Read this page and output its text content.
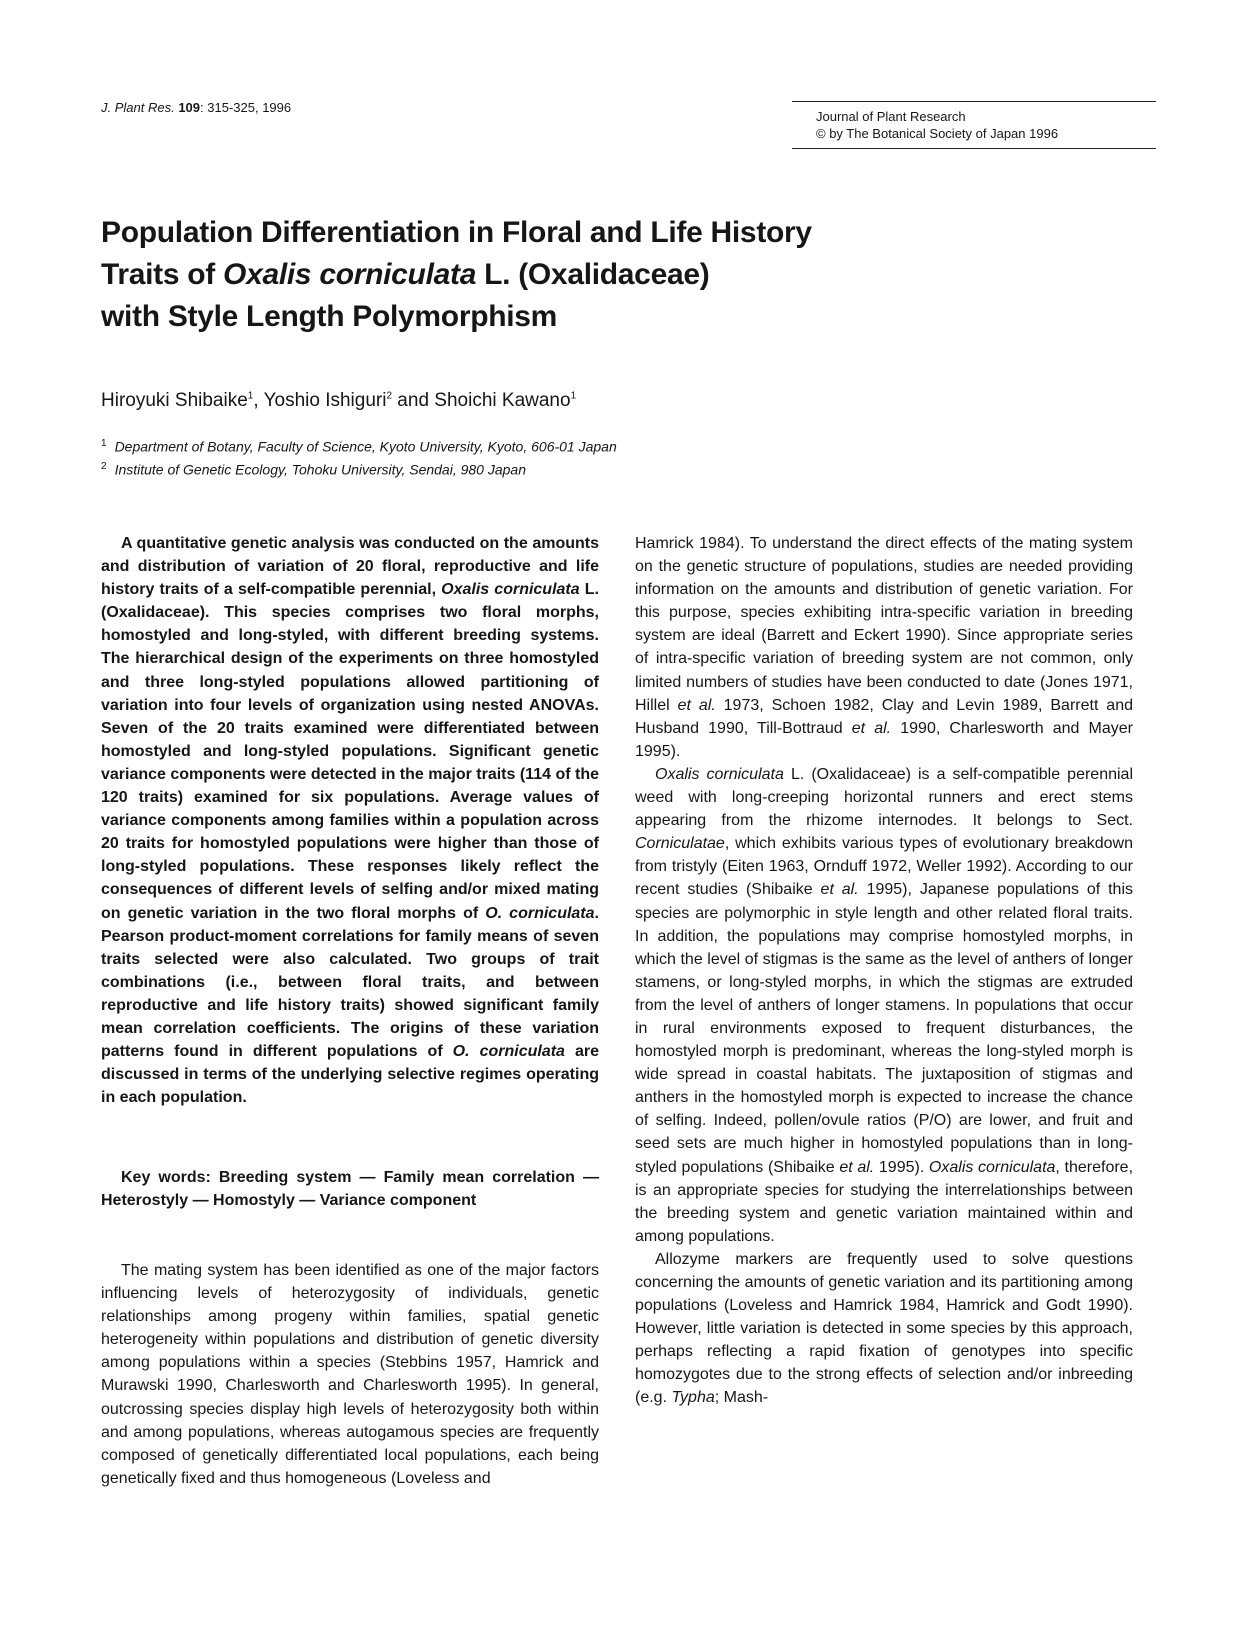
J. Plant Res. 109: 315-325, 1996
Journal of Plant Research
© by The Botanical Society of Japan 1996
Population Differentiation in Floral and Life History
Traits of Oxalis corniculata L. (Oxalidaceae)
with Style Length Polymorphism
Hiroyuki Shibaike$^1$, Yoshio Ishiguri$^2$ and Shoichi Kawano$^1$
$^1$ Department of Botany, Faculty of Science, Kyoto University, Kyoto, 606-01 Japan
$^2$ Institute of Genetic Ecology, Tohoku University, Sendai, 980 Japan
A quantitative genetic analysis was conducted on the amounts and distribution of variation of 20 floral, reproductive and life history traits of a self-compatible perennial, Oxalis corniculata L. (Oxalidaceae). This species comprises two floral morphs, homostyled and long-styled, with different breeding systems. The hierarchical design of the experiments on three homostyled and three long-styled populations allowed partitioning of variation into four levels of organization using nested ANOVAs. Seven of the 20 traits examined were differentiated between homostyled and long-styled populations. Significant genetic variance components were detected in the major traits (114 of the 120 traits) examined for six populations. Average values of variance components among families within a population across 20 traits for homostyled populations were higher than those of long-styled populations. These responses likely reflect the consequences of different levels of selfing and/or mixed mating on genetic variation in the two floral morphs of O. corniculata. Pearson product-moment correlations for family means of seven traits selected were also calculated. Two groups of trait combinations (i.e., between floral traits, and between reproductive and life history traits) showed significant family mean correlation coefficients. The origins of these variation patterns found in different populations of O. corniculata are discussed in terms of the underlying selective regimes operating in each population.
Key words: Breeding system — Family mean correlation — Heterostyly — Homostyly — Variance component
The mating system has been identified as one of the major factors influencing levels of heterozygosity of individuals, genetic relationships among progeny within families, spatial genetic heterogeneity within populations and distribution of genetic diversity among populations within a species (Stebbins 1957, Hamrick and Murawski 1990, Charlesworth and Charlesworth 1995). In general, outcrossing species display high levels of heterozygosity both within and among populations, whereas autogamous species are frequently composed of genetically differentiated local populations, each being genetically fixed and thus homogeneous (Loveless and

Hamrick 1984). To understand the direct effects of the mating system on the genetic structure of populations, studies are needed providing information on the amounts and distribution of genetic variation. For this purpose, species exhibiting intra-specific variation in breeding system are ideal (Barrett and Eckert 1990). Since appropriate series of intra-specific variation of breeding system are not common, only limited numbers of studies have been conducted to date (Jones 1971, Hillel et al. 1973, Schoen 1982, Clay and Levin 1989, Barrett and Husband 1990, Till-Bottraud et al. 1990, Charlesworth and Mayer 1995).

Oxalis corniculata L. (Oxalidaceae) is a self-compatible perennial weed with long-creeping horizontal runners and erect stems appearing from the rhizome internodes. It belongs to Sect. Corniculatae, which exhibits various types of evolutionary breakdown from tristyly (Eiten 1963, Ornduff 1972, Weller 1992). According to our recent studies (Shibaike et al. 1995), Japanese populations of this species are polymorphic in style length and other related floral traits. In addition, the populations may comprise homostyled morphs, in which the level of stigmas is the same as the level of anthers of longer stamens, or long-styled morphs, in which the stigmas are extruded from the level of anthers of longer stamens. In populations that occur in rural environments exposed to frequent disturbances, the homostyled morph is predominant, whereas the long-styled morph is wide spread in coastal habitats. The juxtaposition of stigmas and anthers in the homostyled morph is expected to increase the chance of selfing. Indeed, pollen/ovule ratios (P/O) are lower, and fruit and seed sets are much higher in homostyled populations than in long-styled populations (Shibaike et al. 1995). Oxalis corniculata, therefore, is an appropriate species for studying the interrelationships between the breeding system and genetic variation maintained within and among populations.

Allozyme markers are frequently used to solve questions concerning the amounts of genetic variation and its partitioning among populations (Loveless and Hamrick 1984, Hamrick and Godt 1990). However, little variation is detected in some species by this approach, perhaps reflecting a rapid fixation of genotypes into specific homozygotes due to the strong effects of selection and/or inbreeding (e.g. Typha; Mash-
